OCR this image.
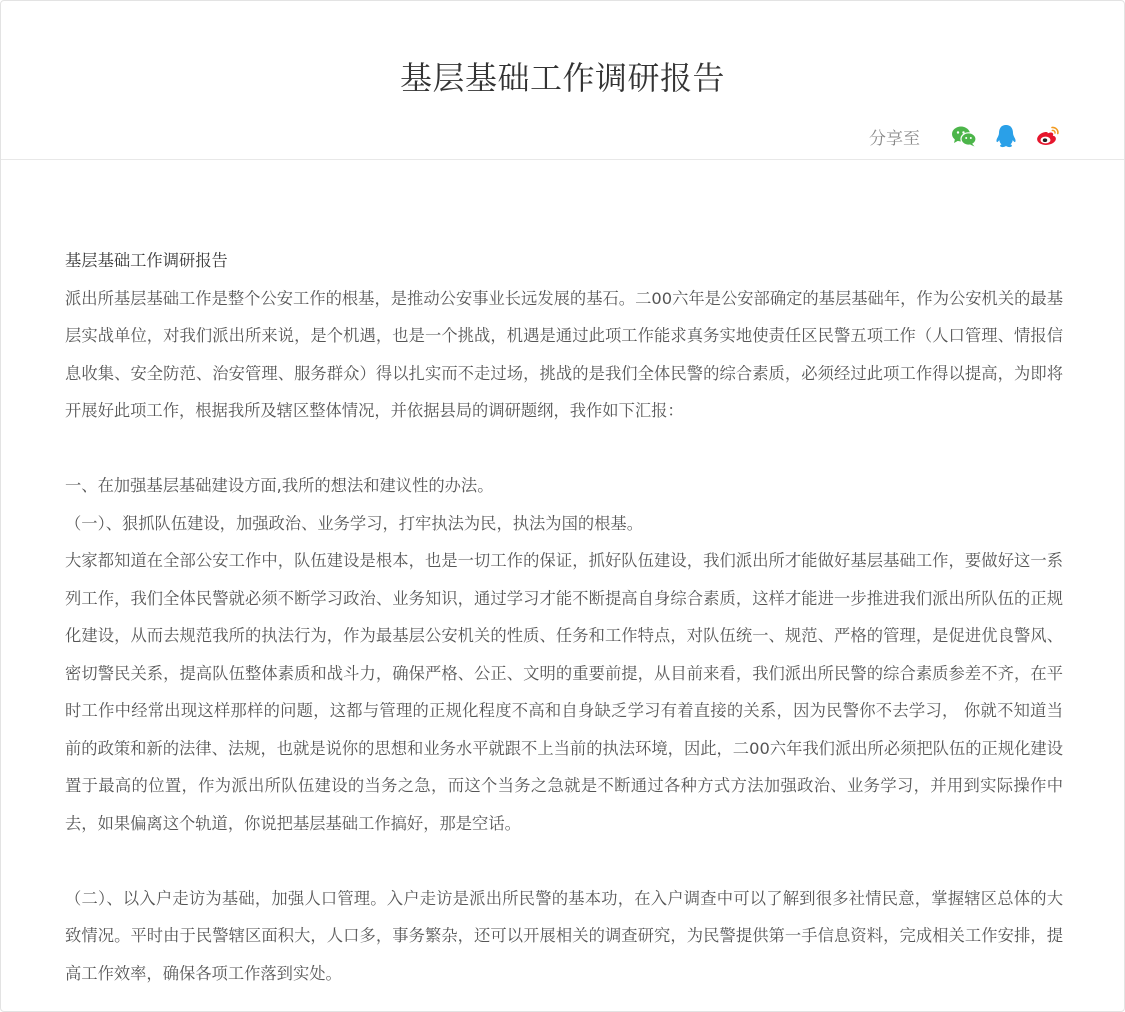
基层基础工作调研报告
分享至

基层基础工作调研报告

派出所基层基础工作是整个公安工作的根基，是推动公安事业长远发展的基石。二00六年是公安部确定的基层基础年，作为公安机关的最基层实战单位，对我们派出所来说，是个机遇，也是一个挑战，机遇是通过此项工作能求真务实地使责任区民警五项工作（人口管理、情报信息收集、安全防范、治安管理、服务群众）得以扎实而不走过场，挑战的是我们全体民警的综合素质，必须经过此项工作得以提高，为即将开展好此项工作，根据我所及辖区整体情况，并依据县局的调研题纲，我作如下汇报：

一、在加强基层基础建设方面,我所的想法和建议性的办法。

（一）、狠抓队伍建设，加强政治、业务学习，打牢执法为民，执法为国的根基。

大家都知道在全部公安工作中，队伍建设是根本，也是一切工作的保证，抓好队伍建设，我们派出所才能做好基层基础工作，要做好这一系列工作，我们全体民警就必须不断学习政治、业务知识，通过学习才能不断提高自身综合素质，这样才能进一步推进我们派出所队伍的正规化建设，从而去规范我所的执法行为，作为最基层公安机关的性质、任务和工作特点，对队伍统一、规范、严格的管理，是促进优良警风、密切警民关系，提高队伍整体素质和战斗力，确保严格、公正、文明的重要前提，从目前来看，我们派出所民警的综合素质参差不齐，在平时工作中经常出现这样那样的问题，这都与管理的正规化程度不高和自身缺乏学习有着直接的关系，因为民警你不去学习， 你就不知道当前的政策和新的法律、法规，也就是说你的思想和业务水平就跟不上当前的执法环境，因此，二00六年我们派出所必须把队伍的正规化建设置于最高的位置，作为派出所队伍建设的当务之急，而这个当务之急就是不断通过各种方式方法加强政治、业务学习，并用到实际操作中去，如果偏离这个轨道，你说把基层基础工作搞好，那是空话。

（二）、以入户走访为基础，加强人口管理。入户走访是派出所民警的基本功，在入户调查中可以了解到很多社情民意，掌握辖区总体的大致情况。平时由于民警辖区面积大，人口多，事务繁杂，还可以开展相关的调查研究，为民警提供第一手信息资料，完成相关工作安排，提高工作效率，确保各项工作落到实处。
